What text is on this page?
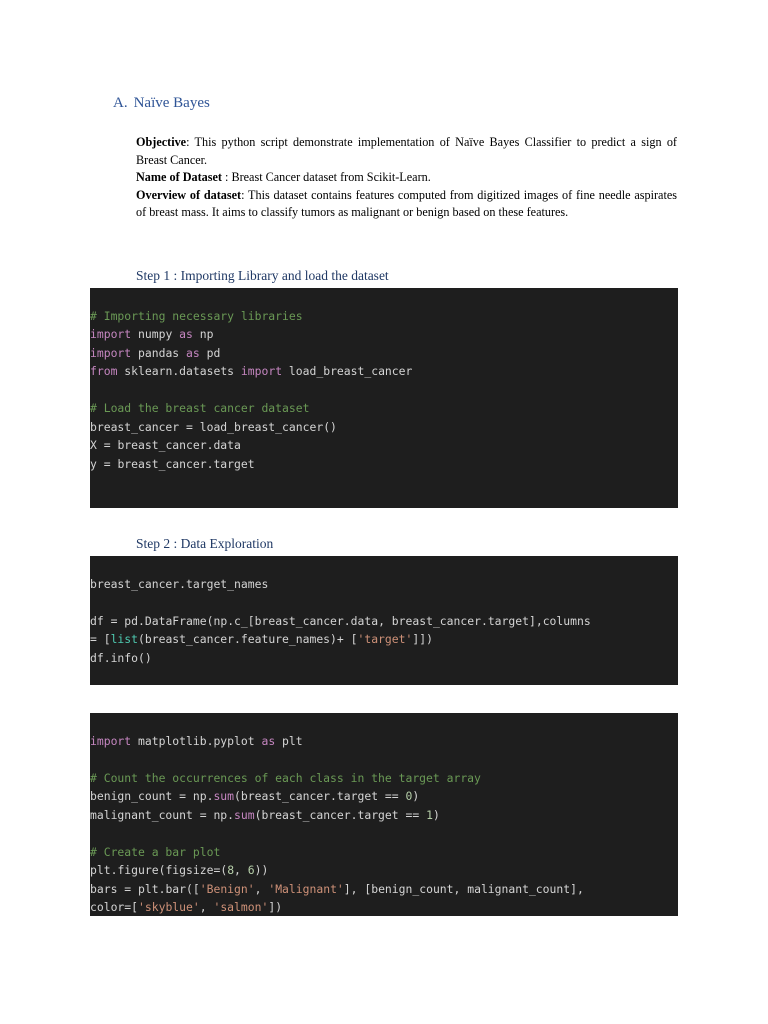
A. Naïve Bayes

Objective: This python script demonstrate implementation of Naïve Bayes Classifier to predict a sign of Breast Cancer.

Name of Dataset : Breast Cancer dataset from Scikit-Learn.

Overview of dataset: This dataset contains features computed from digitized images of fine needle aspirates of breast mass. It aims to classify tumors as malignant or benign based on these features.

Step 1 : Importing Library and load the dataset
# Importing necessary libraries
import numpy as np
import pandas as pd
from sklearn.datasets import load_breast_cancer
# Load the breast cancer dataset
breast_cancer = load_breast_cancer()
X = breast_cancer.data
y = breast_cancer.target
Step 2 : Data Exploration
breast_cancer.target_names
df = pd.DataFrame(np.c_[breast_cancer.data, breast_cancer.target],columns
= [list(breast_cancer.feature_names)+ ['target']])
df.info()
import matplotlib.pyplot as plt
# Count the occurrences of each class in the target array
benign_count = np.sum(breast_cancer.target == 0)
malignant_count = np.sum(breast_cancer.target == 1)
# Create a bar plot
plt.figure(figsize=(8, 6))
bars = plt.bar(['Benign', 'Malignant'], [benign_count, malignant_count],
color=['skyblue', 'salmon'])
